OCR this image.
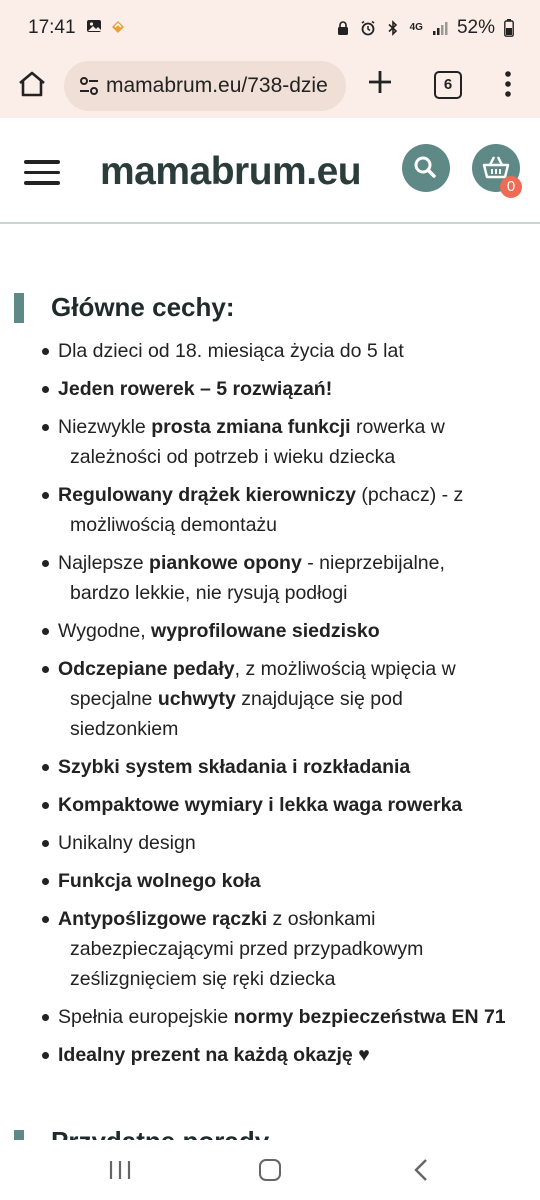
17:41	4G 52%
mamabrum.eu/738-dzie	6
mamabrum.eu	0
Główne cechy:
Dla dzieci od 18. miesiąca życia do 5 lat
Jeden rowerek – 5 rozwiązań!
Niezwykle prosta zmiana funkcji rowerka w
zależności od potrzeb i wieku dziecka
Regulowany drążek kierowniczy (pchacz) - z
możliwością demontażu
Najlepsze piankowe opony - nieprzebijalne,
bardzo lekkie, nie rysują podłogi
Wygodne, wyprofilowane siedzisko
Odczepiane pedały, z możliwością wpięcia w
specjalne uchwyty znajdujące się pod
siedzonkiem
Szybki system składania i rozkładania
Kompaktowe wymiary i lekka waga rowerka
Unikalny design
Funkcja wolnego koła
Antypoślizgowe rączki z osłonkami
zabezpieczającymi przed przypadkowym
ześlizgnięciem się ręki dziecka
Spełnia europejskie normy bezpieczeństwa EN 71
Idealny prezent na każdą okazję ♥
